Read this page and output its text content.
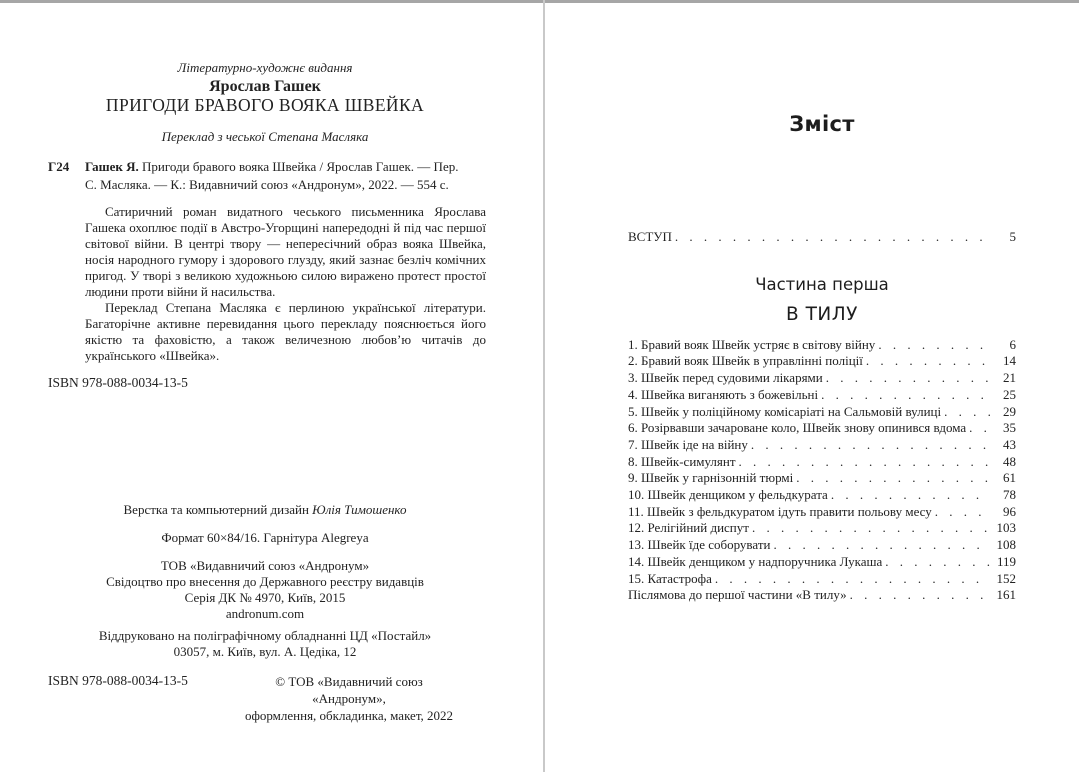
Літературно-художнє видання
Ярослав Гашек
ПРИГОДИ БРАВОГО ВОЯКА ШВЕЙКА
Переклад з чеської Степана Масляка
Г24 Гашек Я. Пригоди бравого вояка Швейка / Ярослав Гашек. — Пер. С. Масляка. — К.: Видавничий союз «Андронум», 2022. — 554 с.

Сатиричний роман видатного чеського письменника Ярослава Гашека охоплює події в Австро-Угорщині напередодні й під час першої світової війни. В центрі твору — непересічний образ вояка Швейка, носія народного гумору і здорового глузду, який зазнає безліч комічних пригод. У творі з великою художньою силою виражено протест простої людини проти війни й насильства.

Переклад Степана Масляка є перлиною української літератури. Багаторічне активне перевидання цього перекладу пояснюється його якістю та фаховістю, а також величезною любов’ю читачів до українського «Швейка».

ISBN 978-088-0034-13-5
Верстка та компьютерний дизайн Юлія Тимошенко
Формат 60×84/16. Гарнітура Alegreya
ТОВ «Видавничий союз «Андронум»
Свідоцтво про внесення до Державного реєстру видавців
Серія ДК № 4970, Київ, 2015
andronum.com
Віддруковано на поліграфічному обладнанні ЦД «Постайл»
03057, м. Київ, вул. А. Цедіка, 12
ISBN 978-088-0034-13-5	© ТОВ «Видавничий союз «Андронум»,
оформлення, обкладинка, макет, 2022
Зміст
ВСТУП . . .	5
Частина перша
В ТИЛУ
1. Бравий вояк Швейк устряє в світову війну . . .	6
2. Бравий вояк Швейк в управлінні поліції . . .	14
3. Швейк перед судовими лікарями . . .	21
4. Швейка виганяють з божевільні . . .	25
5. Швейк у поліційному комісаріаті на Сальмовій вулиці . . .	29
6. Розірвавши зачароване коло, Швейк знову опинився вдома . . .	35
7. Швейк іде на війну . . .	43
8. Швейк-симулянт . . .	48
9. Швейк у гарнізонній тюрмі . . .	61
10. Швейк денщиком у фельдкурата . . .	78
11. Швейк з фельдкуратом ідуть правити польову месу . . .	96
12. Релігійний диспут . . .	103
13. Швейк їде соборувати . . .	108
14. Швейк денщиком у надпоручника Лукаша . . .	119
15. Катастрофа . . .	152
Післямова до першої частини «В тилу» . . .	161
